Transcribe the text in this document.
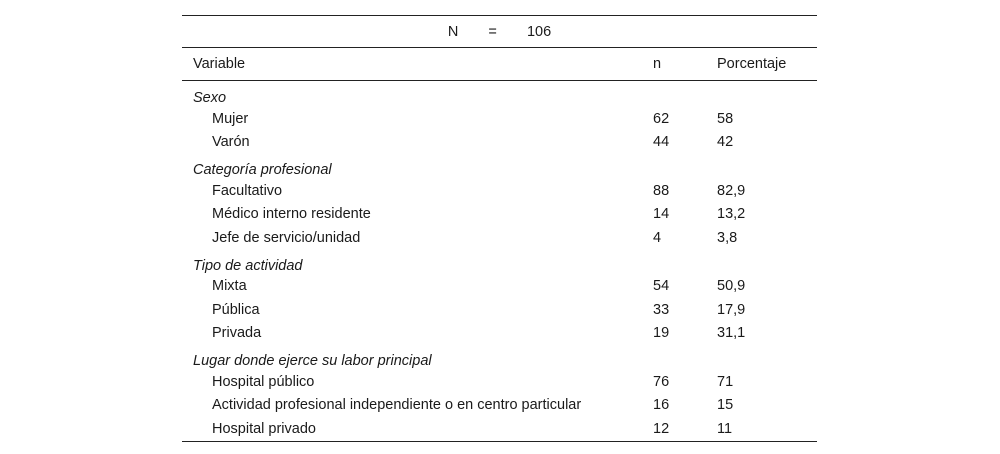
N = 106		
Variable	n	Porcentaje
Sexo		
Mujer	62	58
Varón	44	42
Categoría profesional		
Facultativo	88	82,9
Médico interno residente	14	13,2
Jefe de servicio/unidad	4	3,8
Tipo de actividad		
Mixta	54	50,9
Pública	33	17,9
Privada	19	31,1
Lugar donde ejerce su labor principal		
Hospital público	76	71
Actividad profesional independiente o en centro particular	16	15
Hospital privado	12	11
